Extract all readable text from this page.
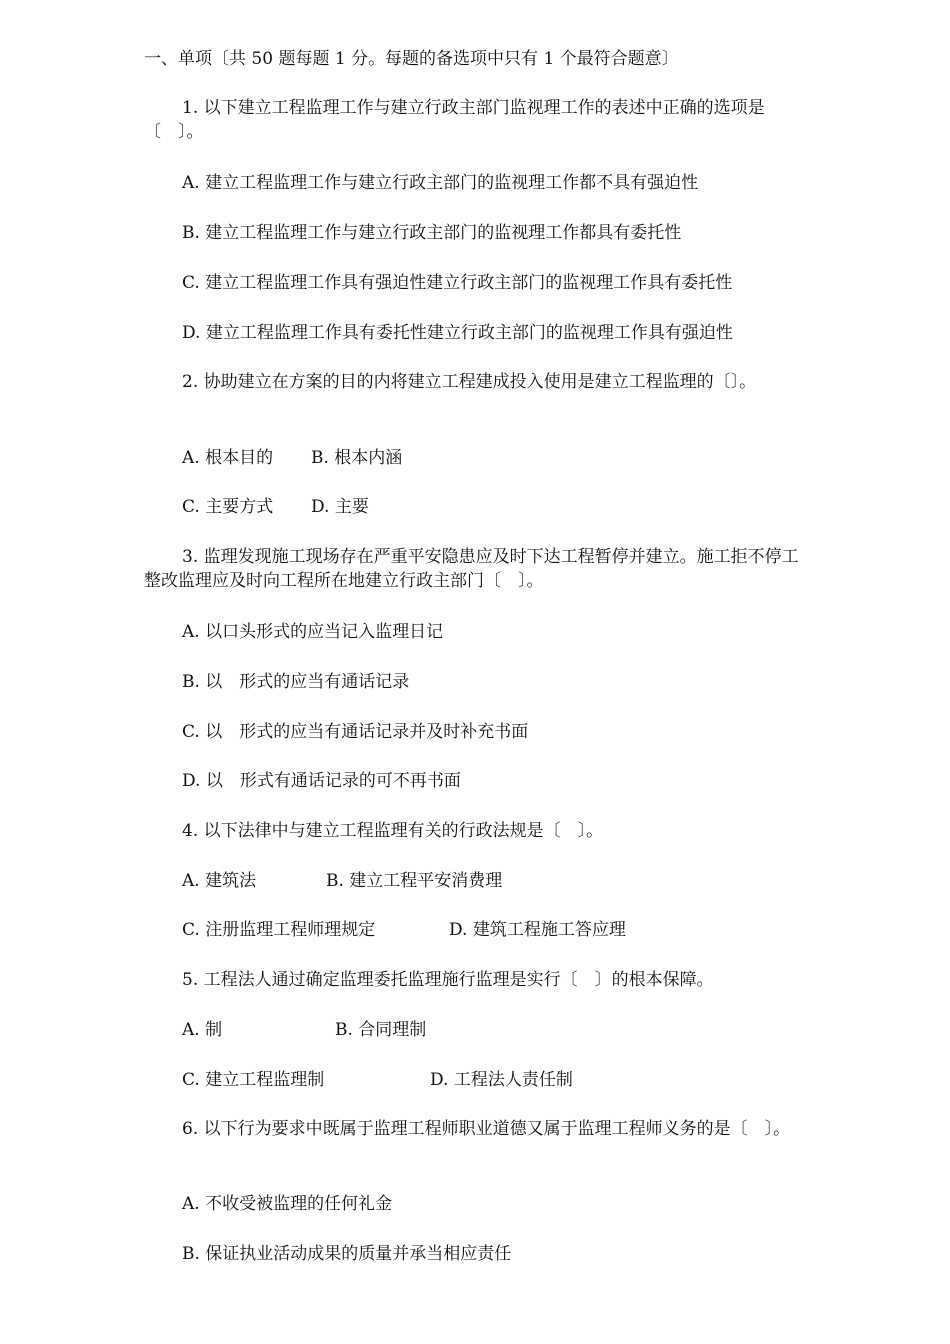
一、单项〔共 50 题每题 1 分。每题的备选项中只有 1 个最符合题意〕
1. 以下建立工程监理工作与建立行政主部门监视理工作的表述中正确的选项是〔　〕。
A. 建立工程监理工作与建立行政主部门的监视理工作都不具有强迫性
B. 建立工程监理工作与建立行政主部门的监视理工作都具有委托性
C. 建立工程监理工作具有强迫性建立行政主部门的监视理工作具有委托性
D. 建立工程监理工作具有委托性建立行政主部门的监视理工作具有强迫性
2. 协助建立在方案的目的内将建立工程建成投入使用是建立工程监理的〔〕。
A. 根本目的 B. 根本内涵
C. 主要方式 D. 主要
3. 监理发现施工现场存在严重平安隐患应及时下达工程暂停并建立。施工拒不停工整改监理应及时向工程所在地建立行政主部门〔　〕。
A. 以口头形式的应当记入监理日记
B. 以　形式的应当有通话记录
C. 以　形式的应当有通话记录并及时补充书面
D. 以　形式有通话记录的可不再书面
4. 以下法律中与建立工程监理有关的行政法规是〔　〕。
A. 建筑法	B. 建立工程平安消费理
C. 注册监理工程师理规定	D. 建筑工程施工答应理
5. 工程法人通过确定监理委托监理施行监理是实行〔　〕的根本保障。
A. 制	B. 合同理制
C. 建立工程监理制	D. 工程法人责任制
6. 以下行为要求中既属于监理工程师职业道德又属于监理工程师义务的是〔　〕。
A. 不收受被监理的任何礼金
B. 保证执业活动成果的质量并承当相应责任
